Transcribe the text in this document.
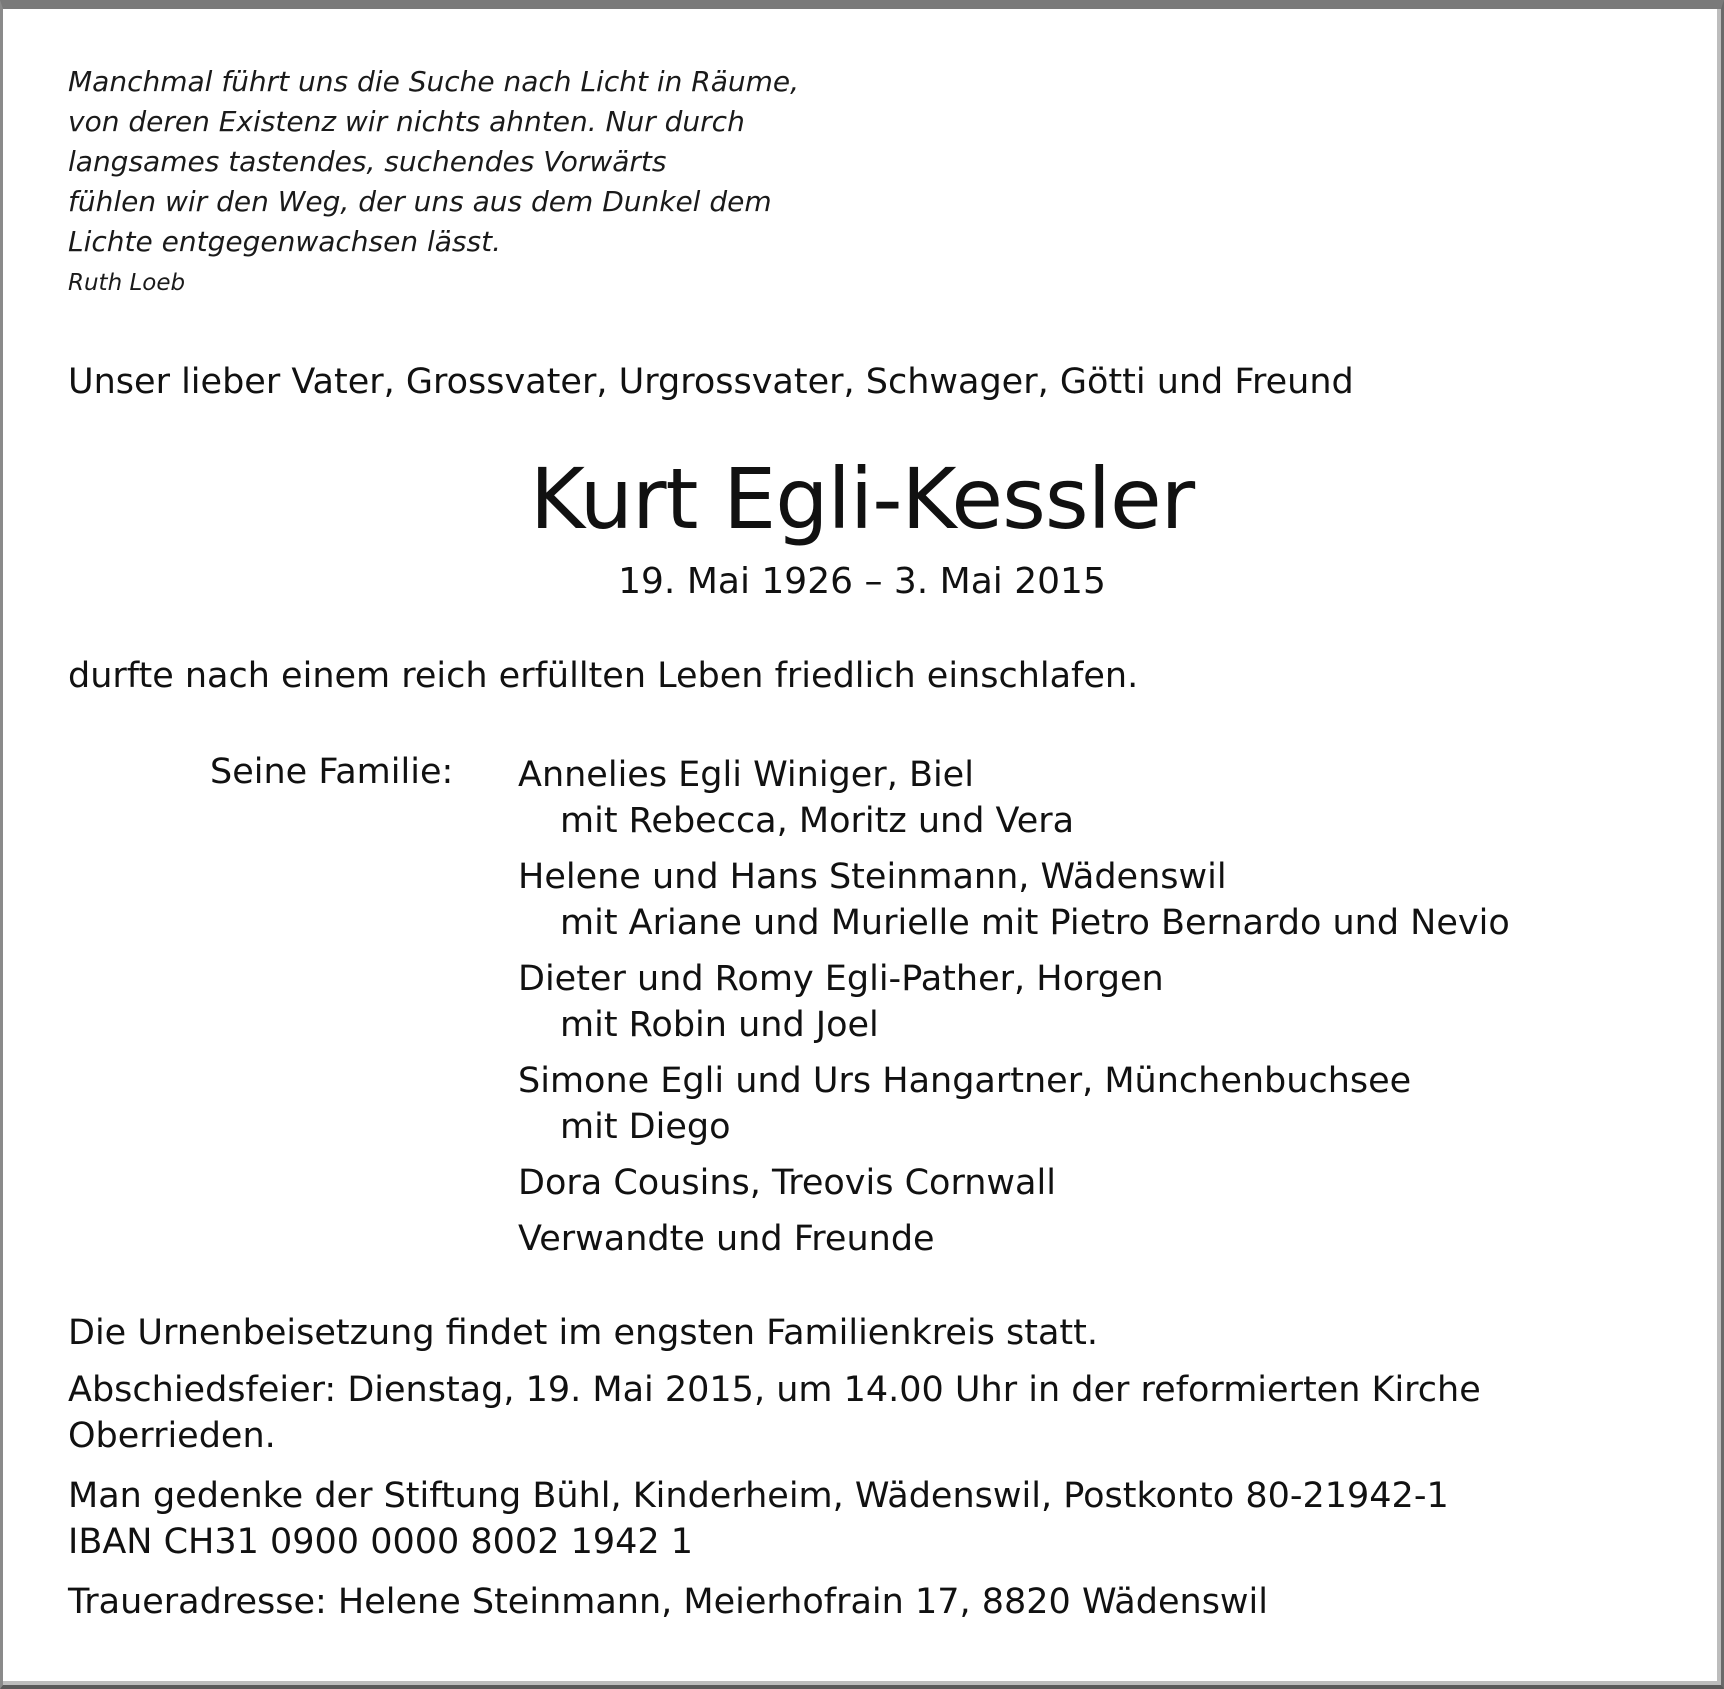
Manchmal führt uns die Suche nach Licht in Räume,
von deren Existenz wir nichts ahnten. Nur durch
langsames tastendes, suchendes Vorwärts
fühlen wir den Weg, der uns aus dem Dunkel dem
Lichte entgegenwachsen lässt.
Ruth Loeb
Unser lieber Vater, Grossvater, Urgrossvater, Schwager, Götti und Freund
Kurt Egli-Kessler
19. Mai 1926 – 3. Mai 2015
durfte nach einem reich erfüllten Leben friedlich einschlafen.
Seine Familie: Annelies Egli Winiger, Biel
mit Rebecca, Moritz und Vera
Helene und Hans Steinmann, Wädenswil
mit Ariane und Murielle mit Pietro Bernardo und Nevio
Dieter und Romy Egli-Pather, Horgen
mit Robin und Joel
Simone Egli und Urs Hangartner, Münchenbuchsee
mit Diego
Dora Cousins, Treovis Cornwall
Verwandte und Freunde
Die Urnenbeisetzung findet im engsten Familienkreis statt.
Abschiedsfeier: Dienstag, 19. Mai 2015, um 14.00 Uhr in der reformierten Kirche
Oberrieden.
Man gedenke der Stiftung Bühl, Kinderheim, Wädenswil, Postkonto 80-21942-1
IBAN CH31 0900 0000 8002 1942 1
Traueradresse: Helene Steinmann, Meierhofrain 17, 8820 Wädenswil
